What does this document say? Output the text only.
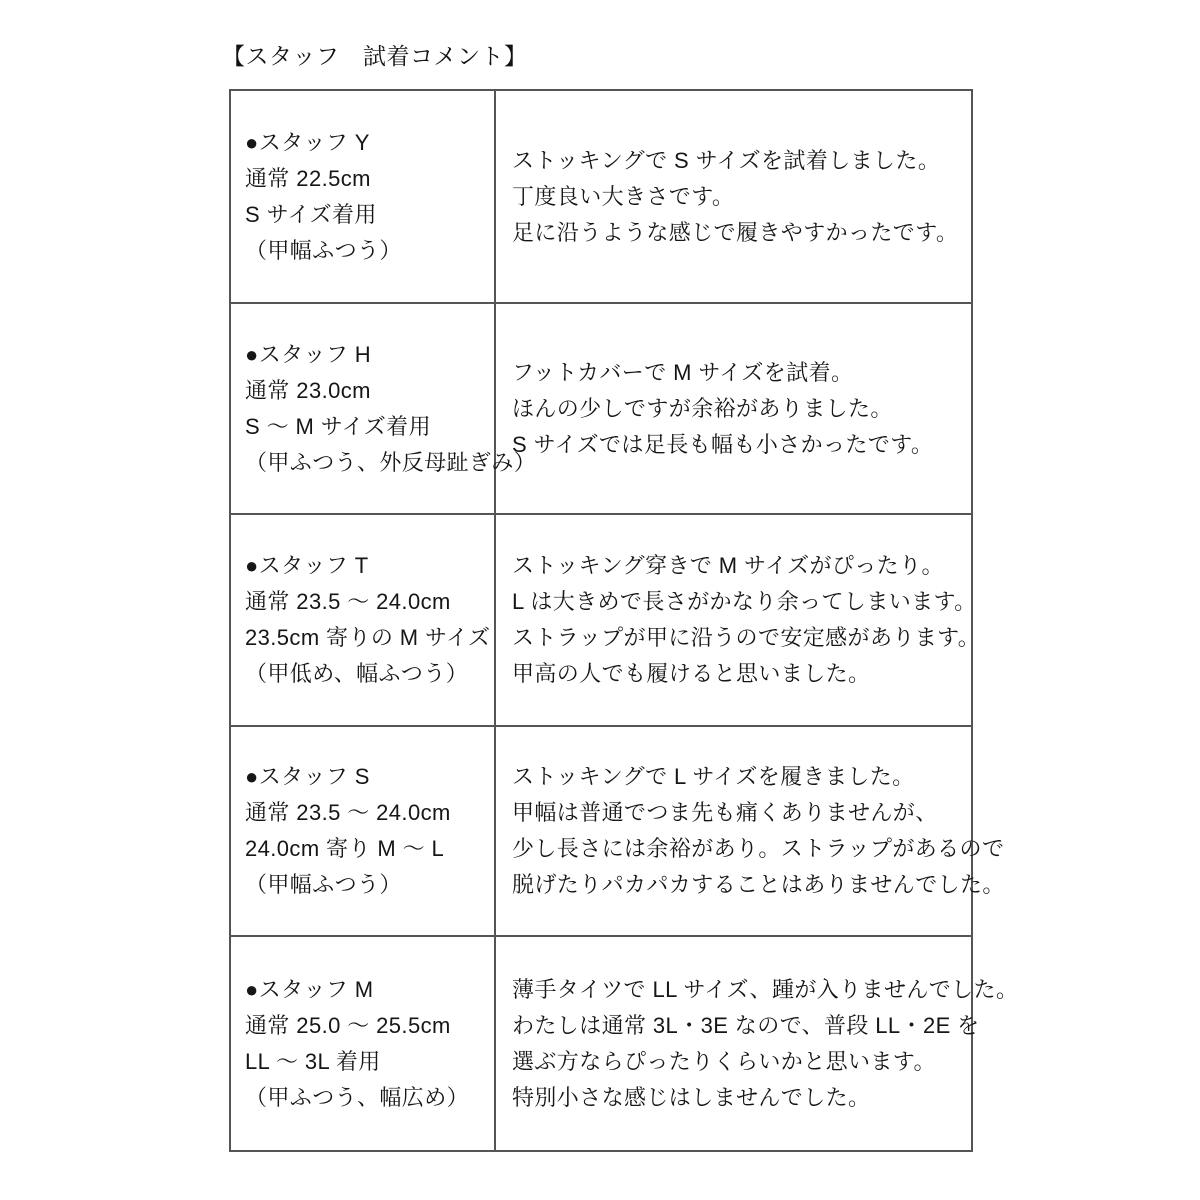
【スタッフ　試着コメント】
●スタッフ Y
通常 22.5cm
S サイズ着用
（甲幅ふつう）	ストッキングで S サイズを試着しました。
丁度良い大きさです。
足に沿うような感じで履きやすかったです。

●スタッフ H
通常 23.0cm
S 〜 M サイズ着用
（甲ふつう、外反母趾ぎみ）	フットカバーで M サイズを試着。
ほんの少しですが余裕がありました。
S サイズでは足長も幅も小さかったです。

●スタッフ T
通常 23.5 〜 24.0cm
23.5cm 寄りの M サイズ
（甲低め、幅ふつう）	ストッキング穿きで M サイズがぴったり。
L は大きめで長さがかなり余ってしまいます。
ストラップが甲に沿うので安定感があります。
甲高の人でも履けると思いました。

●スタッフ S
通常 23.5 〜 24.0cm
24.0cm 寄り M 〜 L
（甲幅ふつう）	ストッキングで L サイズを履きました。
甲幅は普通でつま先も痛くありませんが、
少し長さには余裕があり。ストラップがあるので
脱げたりパカパカすることはありませんでした。

●スタッフ M
通常 25.0 〜 25.5cm
LL 〜 3L 着用
（甲ふつう、幅広め）	薄手タイツで LL サイズ、踵が入りませんでした。
わたしは通常 3L・3E なので、普段 LL・2E を
選ぶ方ならぴったりくらいかと思います。
特別小さな感じはしませんでした。
